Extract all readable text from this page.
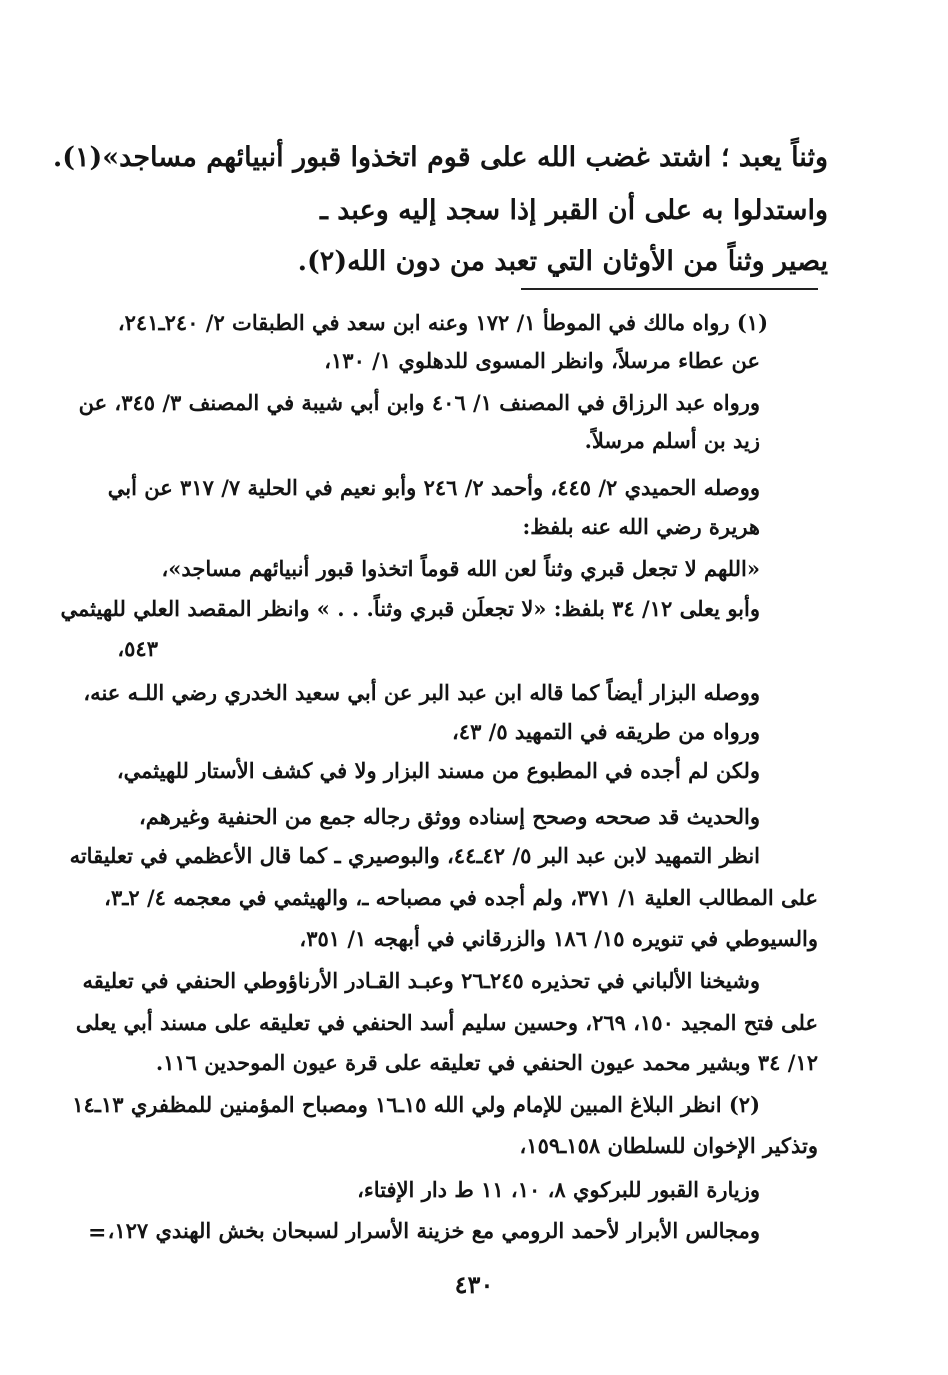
وثناً يعبد ؛ اشتد غضب الله على قوم اتخذوا قبور أنبيائهم مساجد»(١).
واستدلوا به على أن القبر إذا سجد إليه وعبد ـ
يصير وثناً من الأوثان التي تعبد من دون الله(٢).
(١) رواه مالك في الموطأ ١/ ١٧٢ وعنه ابن سعد في الطبقات ٢/ ٢٤٠ـ٢٤١،
عن عطاء مرسلاً، وانظر المسوى للدهلوي ١/ ١٣٠،
ورواه عبد الرزاق في المصنف ١/ ٤٠٦ وابن أبي شيبة في المصنف ٣/ ٣٤٥، عن
زيد بن أسلم مرسلاً.
ووصله الحميدي ٢/ ٤٤٥، وأحمد ٢/ ٢٤٦ وأبو نعيم في الحلية ٧/ ٣١٧ عن أبي
هريرة رضي الله عنه بلفظ:
«اللهم لا تجعل قبري وثناً لعن الله قوماً اتخذوا قبور أنبيائهم مساجد»،
وأبو يعلى ١٢/ ٣٤ بلفظ: «لا تجعلَن قبري وثناً. . . » وانظر المقصد العلي للهيثمي
٥٤٣،
ووصله البزار أيضاً كما قاله ابن عبد البر عن أبي سعيد الخدري رضي اللـه عنه،
ورواه من طريقه في التمهيد ٥/ ٤٣،
ولكن لم أجده في المطبوع من مسند البزار ولا في كشف الأستار للهيثمي،
والحديث قد صححه وصحح إسناده ووثق رجاله جمع من الحنفية وغيرهم،
انظر التمهيد لابن عبد البر ٥/ ٤٢ـ٤٤، والبوصيري ـ كما قال الأعظمي في تعليقاته
على المطالب العلية ١/ ٣٧١، ولم أجده في مصباحه ـ، والهيثمي في معجمه ٤/ ٢ـ٣،
والسيوطي في تنويره ١٥/ ١٨٦ والزرقاني في أبهجه ١/ ٣٥١،
وشيخنا الألباني في تحذيره ٢٤٥ـ٢٦ وعبـد القـادر الأرناؤوطي الحنفي في تعليقه
على فتح المجيد ١٥٠، ٢٦٩، وحسين سليم أسد الحنفي في تعليقه على مسند أبي يعلى
١٢/ ٣٤ وبشير محمد عيون الحنفي في تعليقه على قرة عيون الموحدين ١١٦.
(٢) انظر البلاغ المبين للإمام ولي الله ١٥ـ١٦ ومصباح المؤمنين للمظفري ١٣ـ١٤
وتذكير الإخوان للسلطان ١٥٨ـ١٥٩،
وزيارة القبور للبركوي ٨، ١٠، ١١ ط دار الإفتاء،
ومجالس الأبرار لأحمد الرومي مع خزينة الأسرار لسبحان بخش الهندي ١٢٧،
=
٤٣٠
